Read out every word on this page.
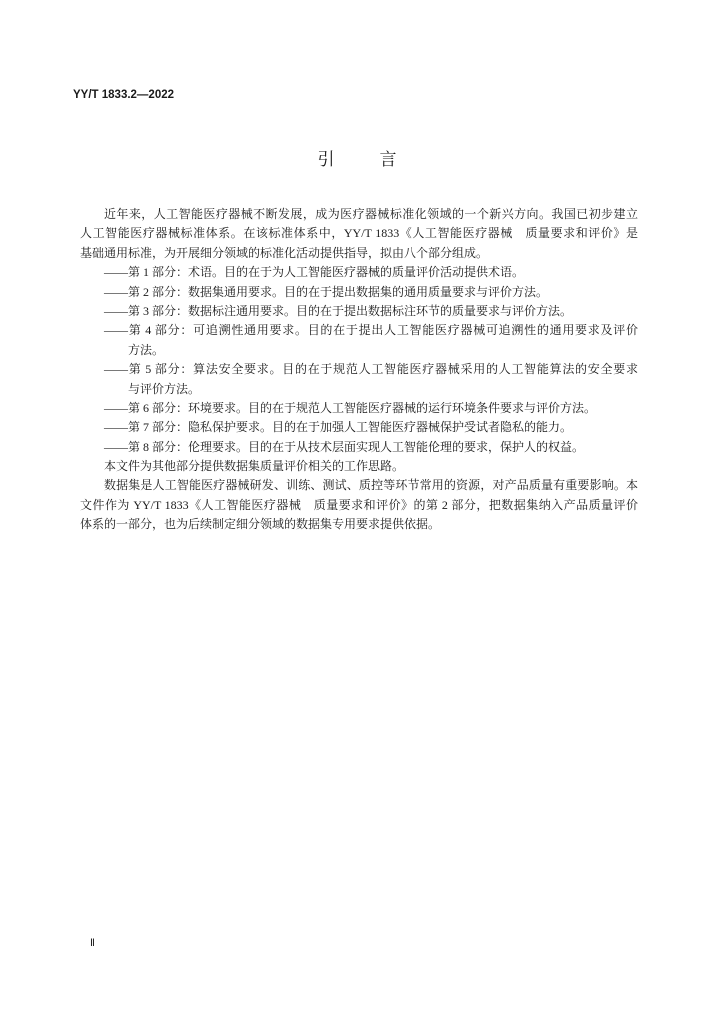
YY/T 1833.2—2022
引　言
近年来，人工智能医疗器械不断发展，成为医疗器械标准化领域的一个新兴方向。我国已初步建立
人工智能医疗器械标准体系。在该标准体系中，YY/T 1833《人工智能医疗器械　质量要求和评价》是
基础通用标准，为开展细分领域的标准化活动提供指导，拟由八个部分组成。
——第 1 部分：术语。目的在于为人工智能医疗器械的质量评价活动提供术语。
——第 2 部分：数据集通用要求。目的在于提出数据集的通用质量要求与评价方法。
——第 3 部分：数据标注通用要求。目的在于提出数据标注环节的质量要求与评价方法。
——第 4 部分：可追溯性通用要求。目的在于提出人工智能医疗器械可追溯性的通用要求及评价
方法。
——第 5 部分：算法安全要求。目的在于规范人工智能医疗器械采用的人工智能算法的安全要求
与评价方法。
——第 6 部分：环境要求。目的在于规范人工智能医疗器械的运行环境条件要求与评价方法。
——第 7 部分：隐私保护要求。目的在于加强人工智能医疗器械保护受试者隐私的能力。
——第 8 部分：伦理要求。目的在于从技术层面实现人工智能伦理的要求，保护人的权益。
本文件为其他部分提供数据集质量评价相关的工作思路。
数据集是人工智能医疗器械研发、训练、测试、质控等环节常用的资源，对产品质量有重要影响。本
文件作为 YY/T 1833《人工智能医疗器械　质量要求和评价》的第 2 部分，把数据集纳入产品质量评价
体系的一部分，也为后续制定细分领域的数据集专用要求提供依据。
Ⅱ
